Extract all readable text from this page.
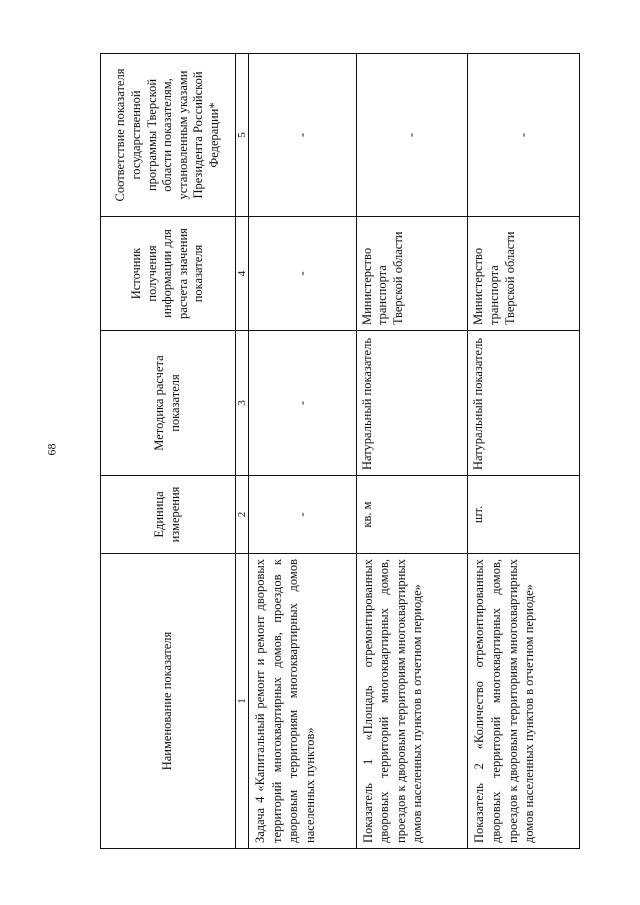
68
Наименование показателя	Единица измерения	Методика расчета показателя	Источник получения информации для расчета значения показателя	Соответствие показателя государственной программы Тверской области показателям, установленным указами Президента Российской Федерации*
1	2	3	4	5
Задача 4 «Капитальный ремонт и ремонт дворовых территорий многоквартирных домов, проездов к дворовым территориям многоквартирных домов населенных пунктов»	-	-	-	-
Показатель 1 «Площадь отремонтированных дворовых территорий многоквартирных домов, проездов к дворовым территориям многоквартирных домов населенных пунктов в отчетном периоде»	кв. м	Натуральный показатель	Министерство транспорта Тверской области	-
Показатель 2 «Количество отремонтированных дворовых территорий многоквартирных домов, проездов к дворовым территориям многоквартирных домов населенных пунктов в отчетном периоде»	шт.	Натуральный показатель	Министерство транспорта Тверской области	-
